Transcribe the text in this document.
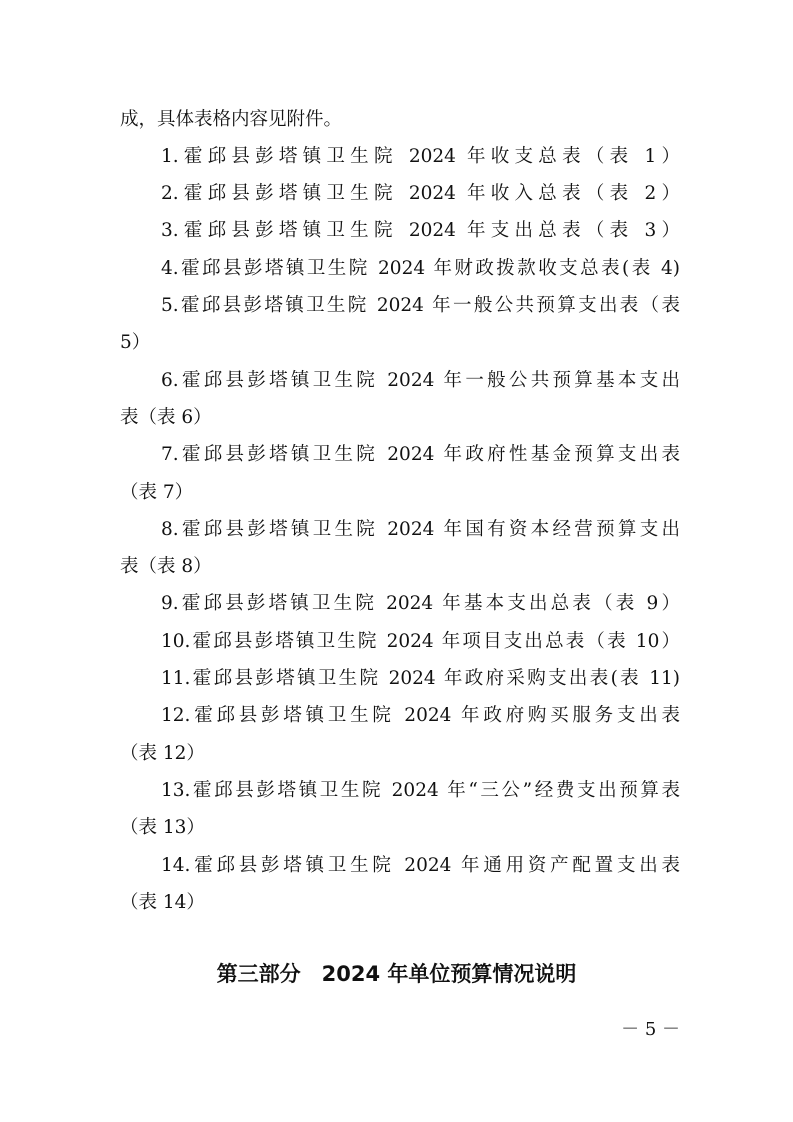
成，具体表格内容见附件。
1.霍邱县彭塔镇卫生院 2024 年收支总表（表 1）
2.霍邱县彭塔镇卫生院 2024 年收入总表（表 2）
3.霍邱县彭塔镇卫生院 2024 年支出总表（表 3）
4.霍邱县彭塔镇卫生院 2024 年财政拨款收支总表(表 4)
5.霍邱县彭塔镇卫生院 2024 年一般公共预算支出表（表
5）
6.霍邱县彭塔镇卫生院 2024 年一般公共预算基本支出
表（表 6）
7.霍邱县彭塔镇卫生院 2024 年政府性基金预算支出表
（表 7）
8.霍邱县彭塔镇卫生院 2024 年国有资本经营预算支出
表（表 8）
9.霍邱县彭塔镇卫生院 2024 年基本支出总表（表 9）
10.霍邱县彭塔镇卫生院 2024 年项目支出总表（表 10）
11.霍邱县彭塔镇卫生院 2024 年政府采购支出表(表 11)
12.霍邱县彭塔镇卫生院 2024 年政府购买服务支出表
（表 12）
13.霍邱县彭塔镇卫生院 2024 年“三公”经费支出预算表
（表 13）
14.霍邱县彭塔镇卫生院 2024 年通用资产配置支出表
（表 14）
第三部分　2024 年单位预算情况说明
－ 5 －
